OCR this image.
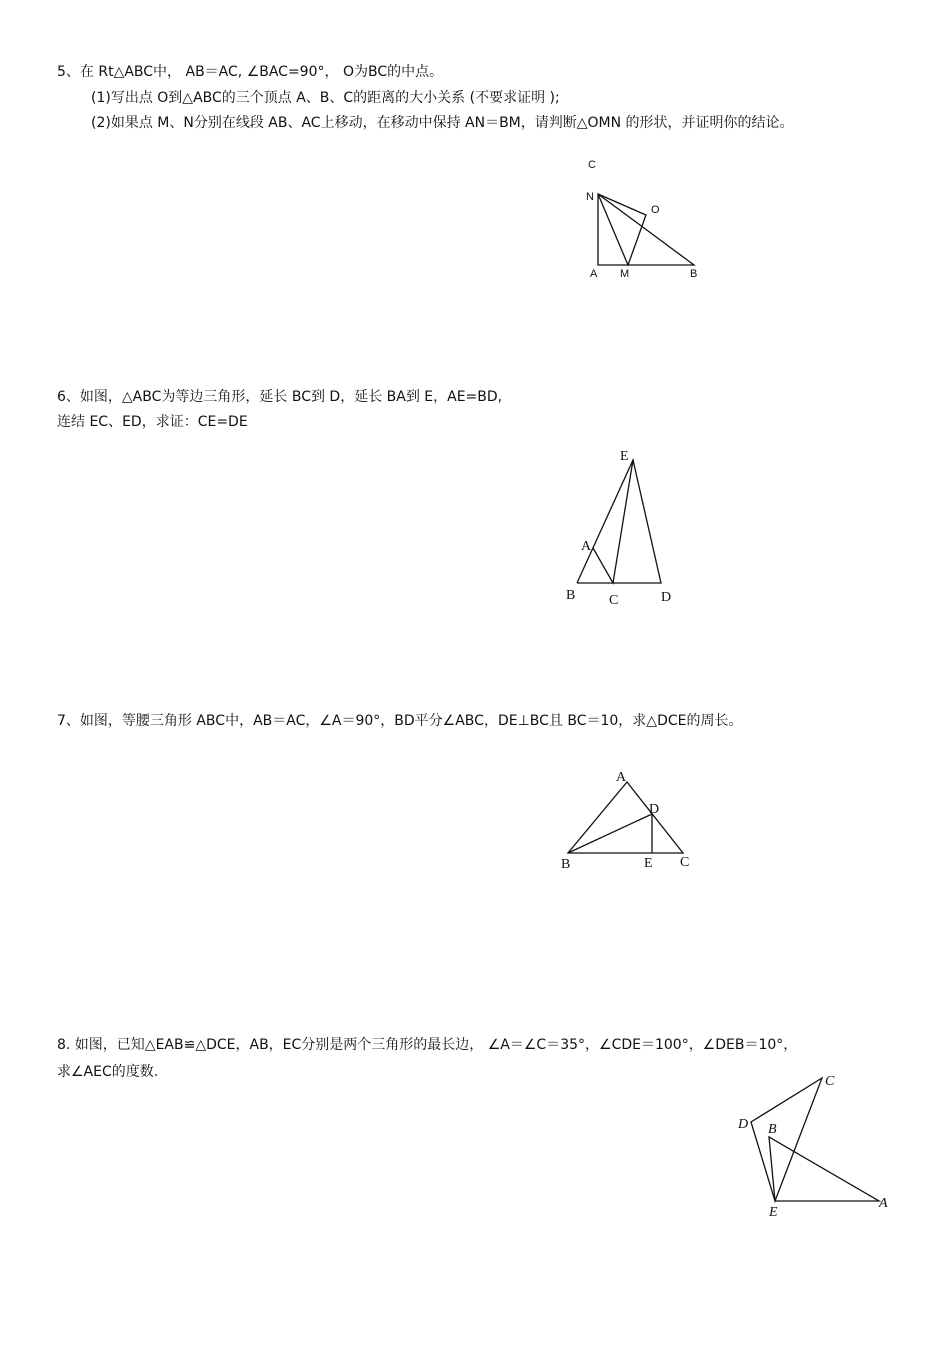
5、在 Rt△ABC中， AB＝AC, ∠BAC=90°， O为BC的中点。
(1)写出点 O到△ABC的三个顶点 A、B、C的距离的大小关系 (不要求证明 );
(2)如果点 M、N分别在线段 AB、AC上移动，在移动中保持 AN＝BM，请判断△OMN 的形状，并证明你的结论。
C
N
O
A M	B
6、如图，△ABC为等边三角形，延长 BC到 D，延长 BA到 E，AE=BD,
连结 EC、ED，求证：CE=DE
E
A
B C	D
7、如图，等腰三角形 ABC中，AB＝AC，∠A＝90°，BD平分∠ABC，DE⊥BC且 BC＝10，求△DCE的周长。
A
D
B	E C
8. 如图，已知△EAB≌△DCE，AB，EC分别是两个三角形的最长边， ∠A＝∠C＝35°，∠CDE＝100°，∠DEB＝10°，
求∠AEC的度数.
C
D B
E
A
